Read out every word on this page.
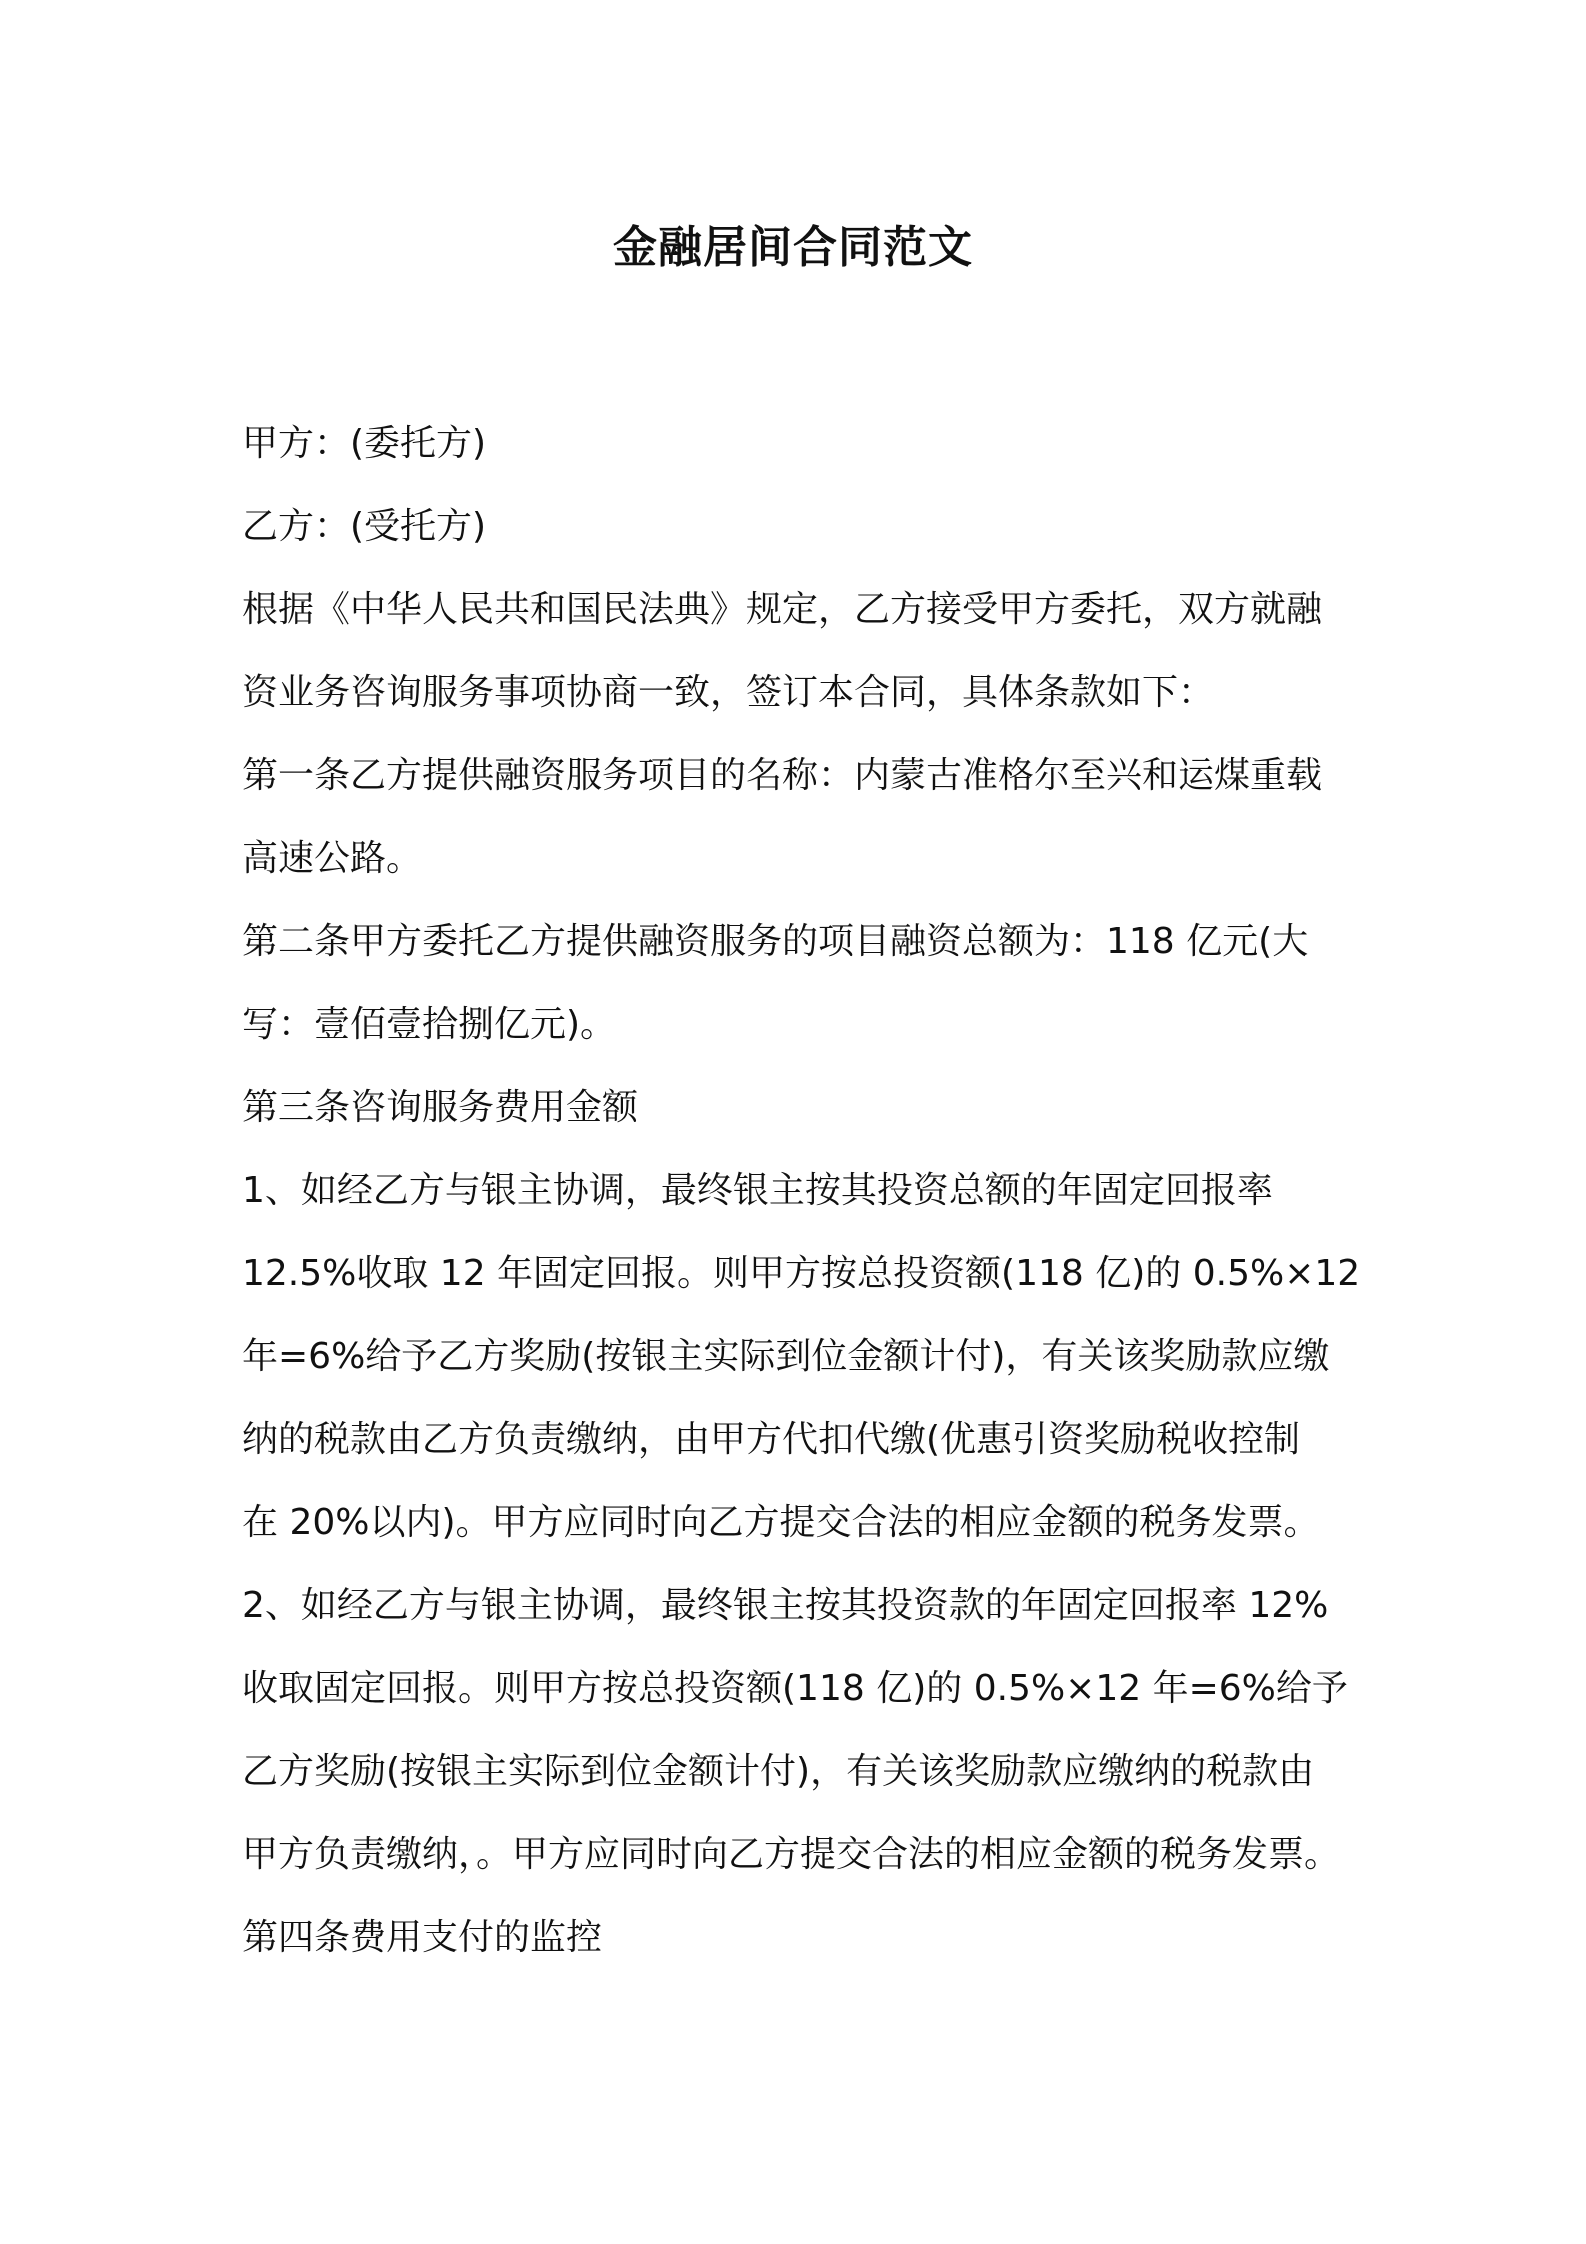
金融居间合同范文
甲方：(委托方)
乙方：(受托方)
根据《中华人民共和国民法典》规定，乙方接受甲方委托，双方就融
资业务咨询服务事项协商一致，签订本合同，具体条款如下：
第一条乙方提供融资服务项目的名称：内蒙古准格尔至兴和运煤重载
高速公路。
第二条甲方委托乙方提供融资服务的项目融资总额为：118 亿元(大
写：壹佰壹拾捌亿元)。
第三条咨询服务费用金额
1、如经乙方与银主协调，最终银主按其投资总额的年固定回报率
12.5%收取 12 年固定回报。则甲方按总投资额(118 亿)的 0.5%×12
年=6%给予乙方奖励(按银主实际到位金额计付)，有关该奖励款应缴
纳的税款由乙方负责缴纳，由甲方代扣代缴(优惠引资奖励税收控制
在 20%以内)。甲方应同时向乙方提交合法的相应金额的税务发票。
2、如经乙方与银主协调，最终银主按其投资款的年固定回报率 12%
收取固定回报。则甲方按总投资额(118 亿)的 0.5%×12 年=6%给予
乙方奖励(按银主实际到位金额计付)，有关该奖励款应缴纳的税款由
甲方负责缴纳，。甲方应同时向乙方提交合法的相应金额的税务发票。
第四条费用支付的监控
